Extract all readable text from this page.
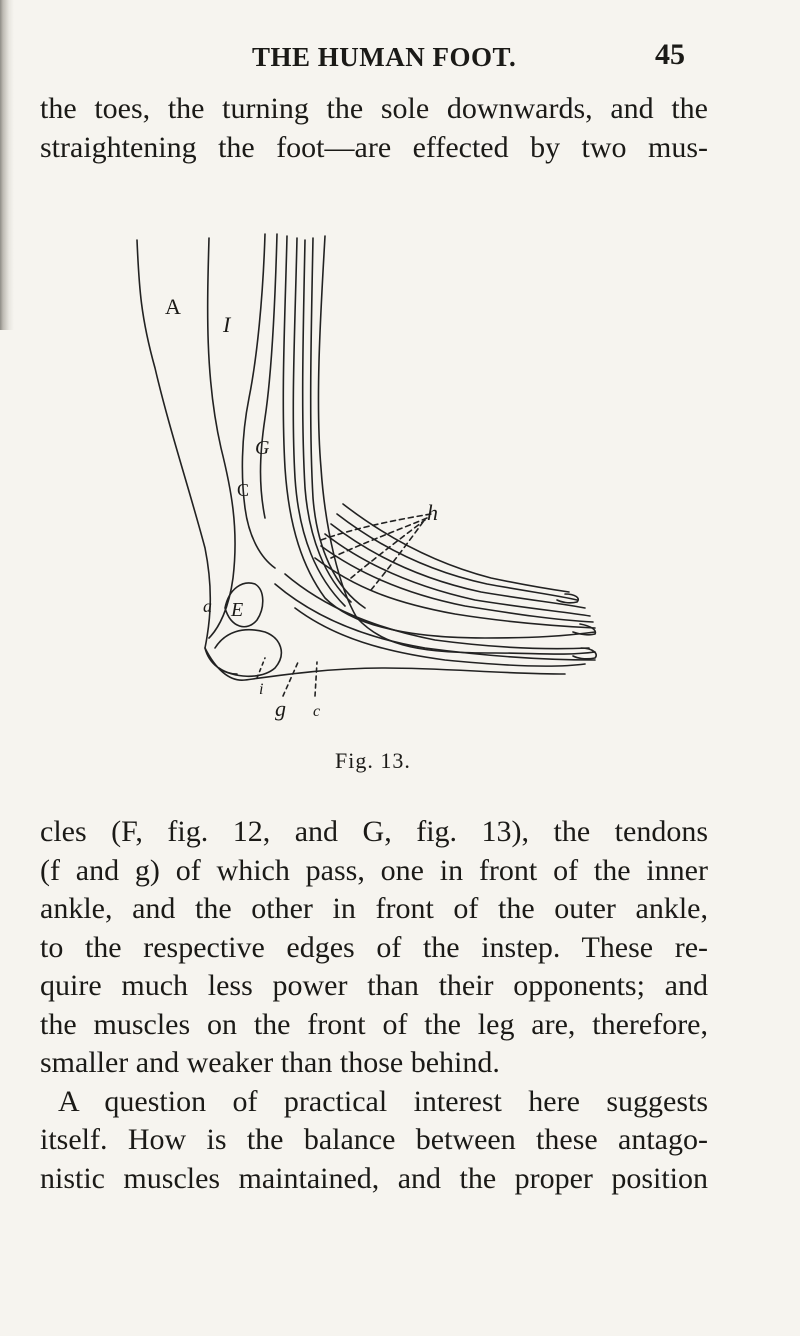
THE HUMAN FOOT.	45
the toes, the turning the sole downwards, and the
straightening the foot—are effected by two mus-
A
I
G
C
h
a E
i
g c
Fig. 13.
cles (F, fig. 12, and G, fig. 13), the tendons
(f and g) of which pass, one in front of the inner
ankle, and the other in front of the outer ankle,
to the respective edges of the instep. These re-
quire much less power than their opponents; and
the muscles on the front of the leg are, therefore,
smaller and weaker than those behind.
A question of practical interest here suggests
itself. How is the balance between these antago-
nistic muscles maintained, and the proper position
